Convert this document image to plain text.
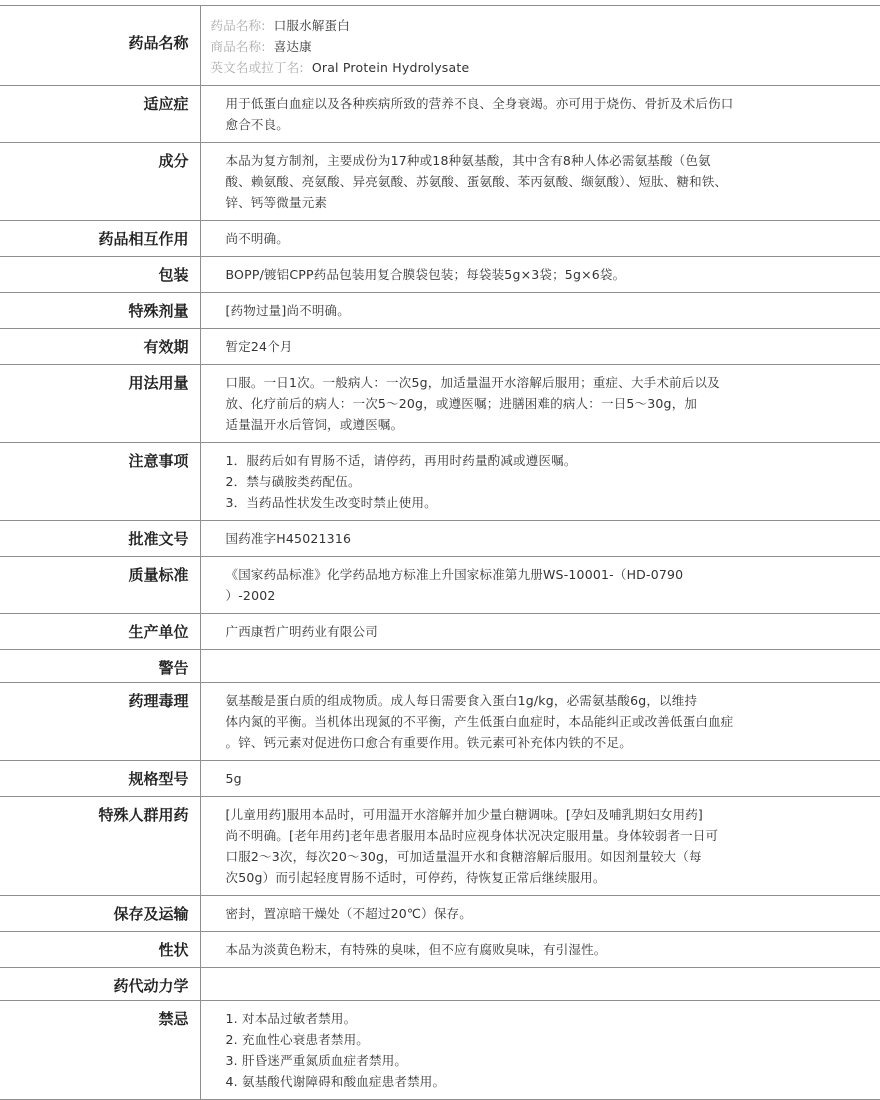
药品名称	药品名称: 口服水解蛋白
商品名称: 喜达康
英文名或拉丁名: Oral Protein Hydrolysate

适应症	用于低蛋白血症以及各种疾病所致的营养不良、全身衰竭。亦可用于烧伤、骨折及术后伤口
愈合不良。

成分	本品为复方制剂，主要成份为17种或18种氨基酸，其中含有8种人体必需氨基酸（色氨
酸、赖氨酸、亮氨酸、异亮氨酸、苏氨酸、蛋氨酸、苯丙氨酸、缬氨酸）、短肽、糖和铁、
锌、钙等微量元素

药品相互作用	尚不明确。

包装	BOPP/镀铝CPP药品包装用复合膜袋包装；每袋装5g×3袋；5g×6袋。

特殊剂量	[药物过量]尚不明确。

有效期	暂定24个月

用法用量	口服。一日1次。一般病人：一次5g，加适量温开水溶解后服用；重症、大手术前后以及
放、化疗前后的病人：一次5～20g，或遵医嘱；进膳困难的病人：一日5～30g，加
适量温开水后管饲，或遵医嘱。

注意事项	1．服药后如有胃肠不适，请停药，再用时药量酌减或遵医嘱。
2．禁与磺胺类药配伍。
3．当药品性状发生改变时禁止使用。

批准文号	国药准字H45021316

质量标准	《国家药品标准》化学药品地方标准上升国家标准第九册WS-10001-（HD-0790
）-2002

生产单位	广西康哲广明药业有限公司

警告	
药理毒理	氨基酸是蛋白质的组成物质。成人每日需要食入蛋白1g/kg，必需氨基酸6g，以维持
体内氮的平衡。当机体出现氮的不平衡，产生低蛋白血症时，本品能纠正或改善低蛋白血症
。锌、钙元素对促进伤口愈合有重要作用。铁元素可补充体内铁的不足。

规格型号	5g

特殊人群用药	[儿童用药]服用本品时，可用温开水溶解并加少量白糖调味。[孕妇及哺乳期妇女用药]
尚不明确。[老年用药]老年患者服用本品时应视身体状况决定服用量。身体较弱者一日可
口服2～3次，每次20～30g，可加适量温开水和食糖溶解后服用。如因剂量较大（每
次50g）而引起轻度胃肠不适时，可停药，待恢复正常后继续服用。

保存及运输	密封，置凉暗干燥处（不超过20℃）保存。

性状	本品为淡黄色粉末，有特殊的臭味，但不应有腐败臭味，有引湿性。

药代动力学	
禁忌	1. 对本品过敏者禁用。
2. 充血性心衰患者禁用。
3. 肝昏迷严重氮质血症者禁用。
4. 氨基酸代谢障碍和酸血症患者禁用。
